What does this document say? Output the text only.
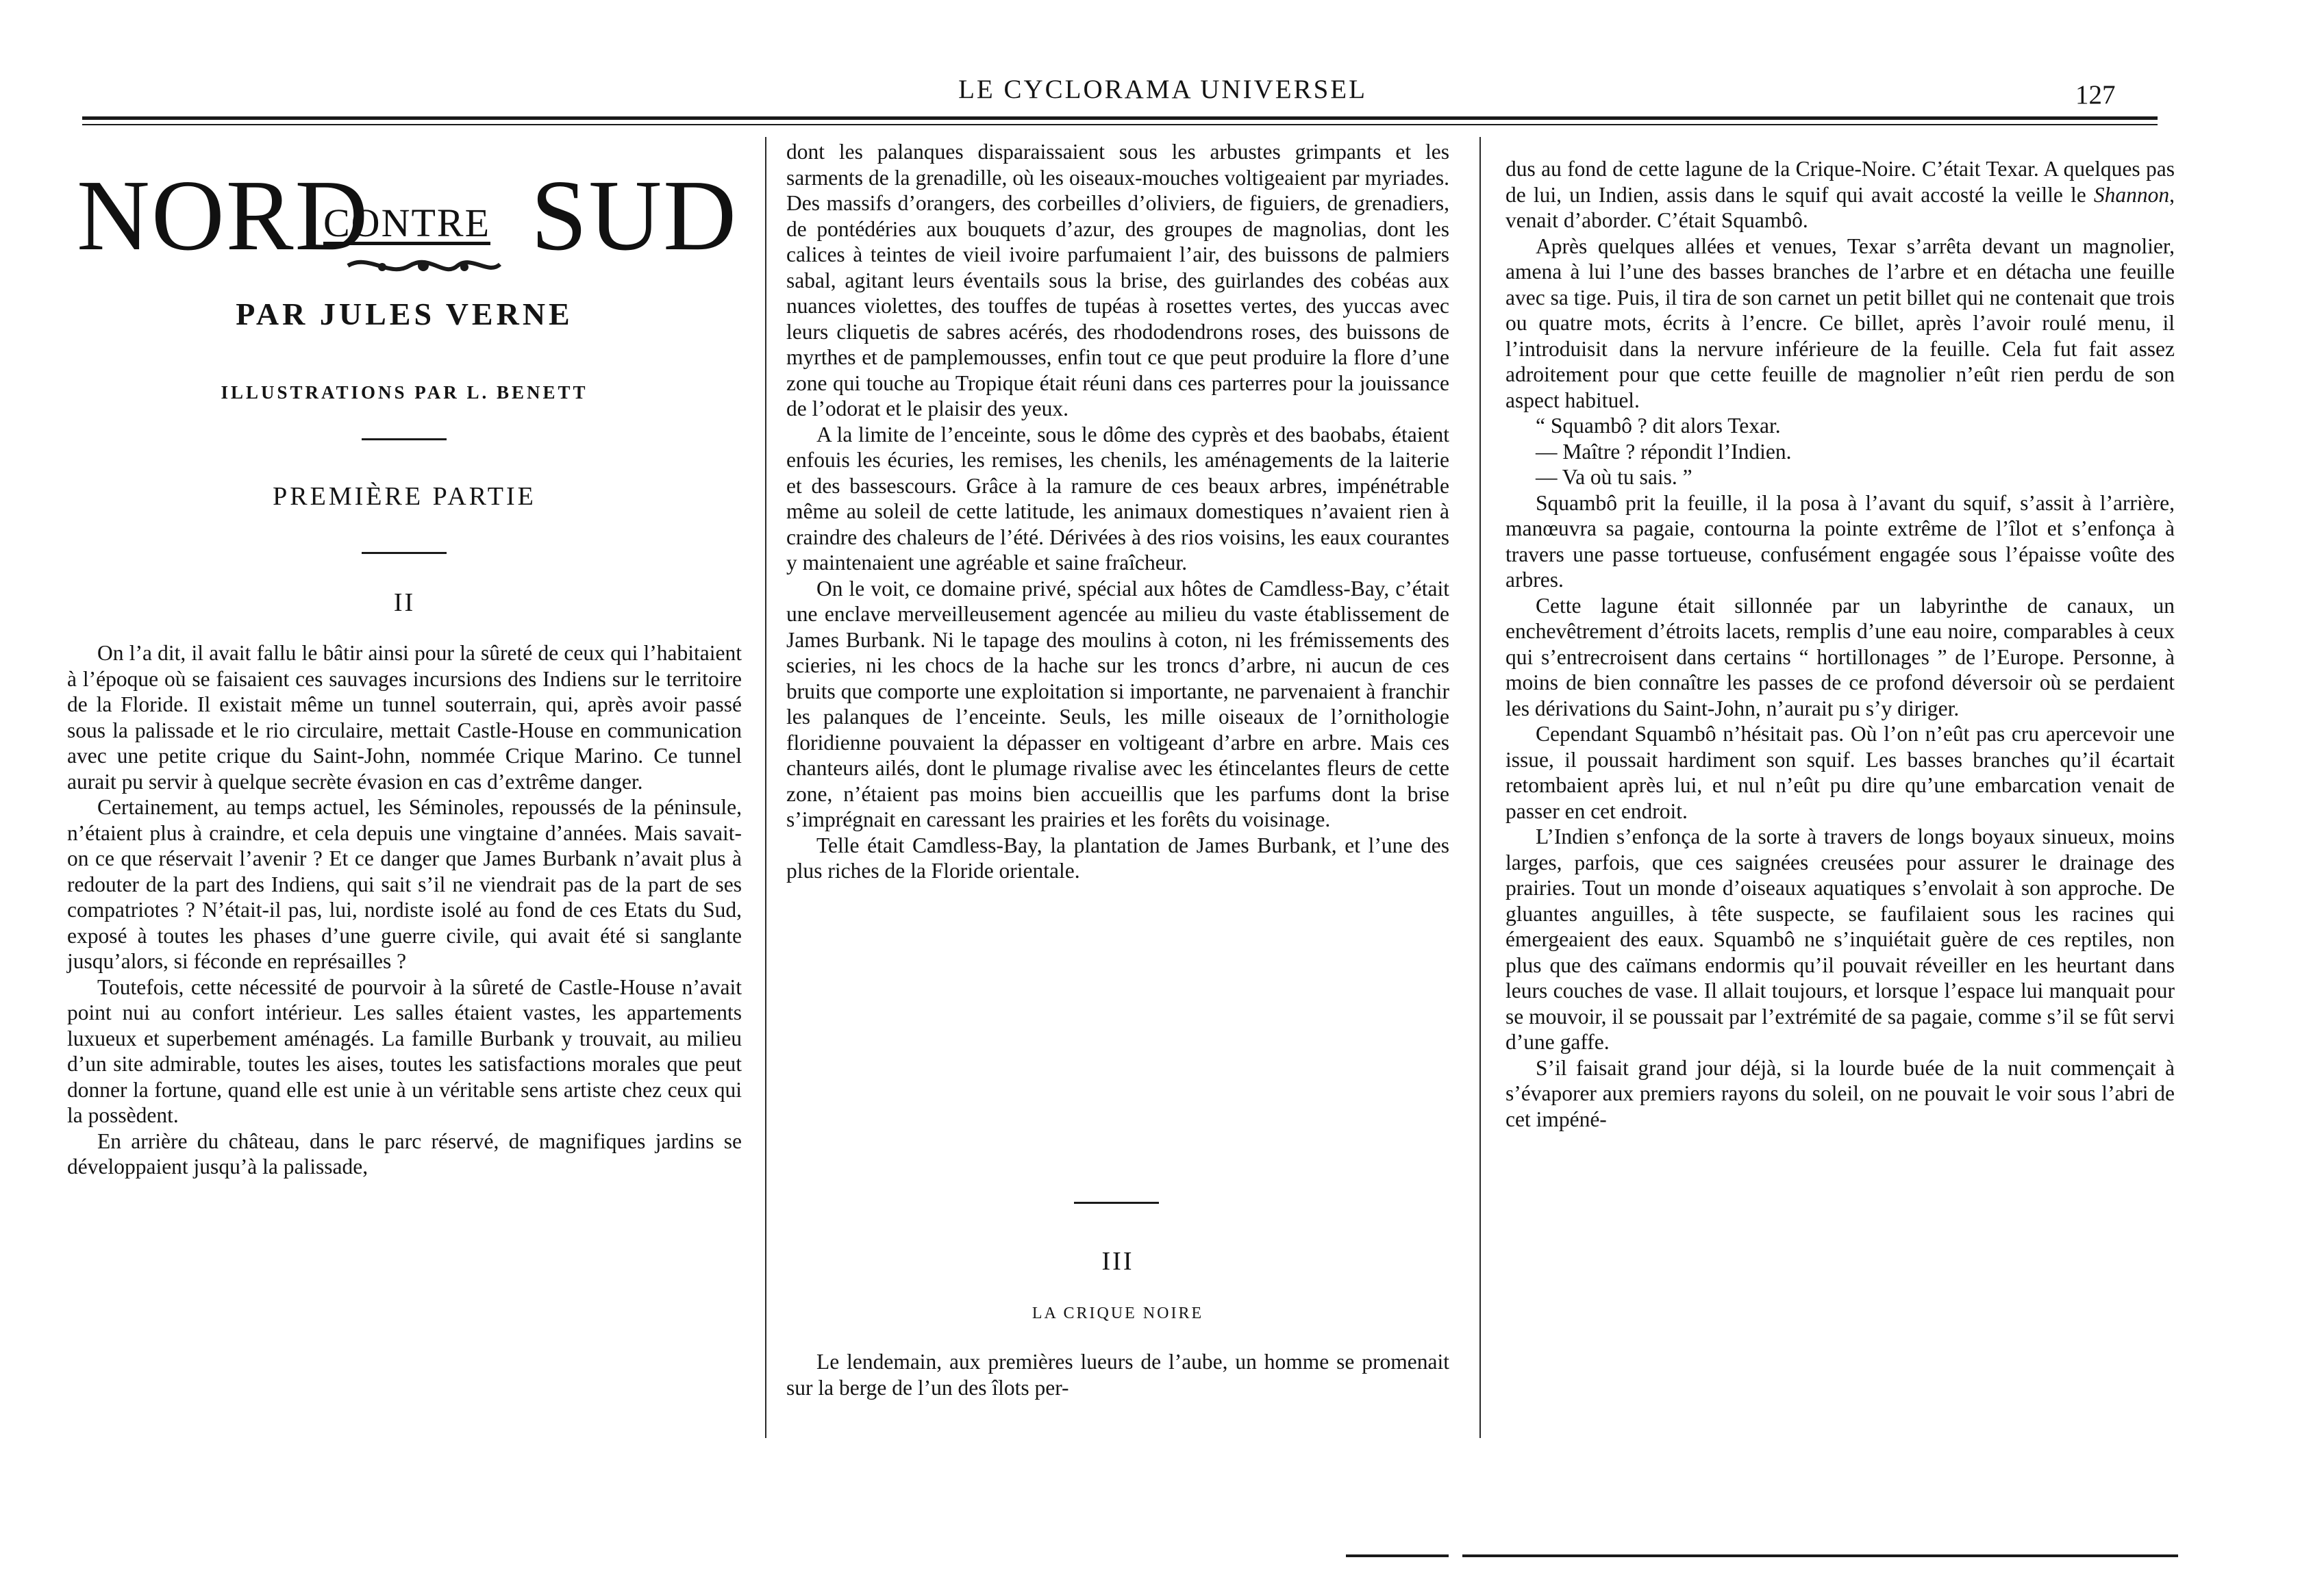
LE CYCLORAMA UNIVERSEL	127
NORD
CONTRE SUD
PAR JULES VERNE
ILLUSTRATIONS PAR L. BENETT
PREMIÈRE PARTIE
II

On l’a dit, il avait fallu le bâtir ainsi pour la sûreté de ceux qui l’habitaient à l’époque où se faisaient ces sauvages incursions des Indiens sur le territoire de la Floride. Il existait même un tunnel souterrain, qui, après avoir passé sous la palissade et le rio circulaire, mettait Castle-House en communication avec une petite crique du Saint-John, nommée Crique Marino. Ce tunnel aurait pu servir à quelque secrète évasion en cas d’extrême danger.

Certainement, au temps actuel, les Séminoles, repoussés de la péninsule, n’étaient plus à craindre, et cela depuis une vingtaine d’années. Mais savait-on ce que réservait l’avenir ? Et ce danger que James Burbank n’avait plus à redouter de la part des Indiens, qui sait s’il ne viendrait pas de la part de ses compatriotes ? N’était-il pas, lui, nordiste isolé au fond de ces Etats du Sud, exposé à toutes les phases d’une guerre civile, qui avait été si sanglante jusqu’alors, si féconde en représailles ?

Toutefois, cette nécessité de pourvoir à la sûreté de Castle-House n’avait point nui au confort intérieur. Les salles étaient vastes, les appartements luxueux et superbement aménagés. La famille Burbank y trouvait, au milieu d’un site admirable, toutes les aises, toutes les satisfactions morales que peut donner la fortune, quand elle est unie à un véritable sens artiste chez ceux qui la possèdent.

En arrière du château, dans le parc réservé, de magnifiques jardins se développaient jusqu’à la palissade,

dont les palanques disparaissaient sous les arbustes grimpants et les sarments de la grenadille, où les oiseaux-mouches voltigeaient par myriades. Des massifs d’orangers, des corbeilles d’oliviers, de figuiers, de grenadiers, de pontédéries aux bouquets d’azur, des groupes de magnolias, dont les calices à teintes de vieil ivoire parfumaient l’air, des buissons de palmiers sabal, agitant leurs éventails sous la brise, des guirlandes des cobéas aux nuances violettes, des touffes de tupéas à rosettes vertes, des yuccas avec leurs cliquetis de sabres acérés, des rhododendrons roses, des buissons de myrthes et de pamplemousses, enfin tout ce que peut produire la flore d’une zone qui touche au Tropique était réuni dans ces parterres pour la jouissance de l’odorat et le plaisir des yeux.

A la limite de l’enceinte, sous le dôme des cyprès et des baobabs, étaient enfouis les écuries, les remises, les chenils, les aménagements de la laiterie et des bassescours. Grâce à la ramure de ces beaux arbres, impénétrable même au soleil de cette latitude, les animaux domestiques n’avaient rien à craindre des chaleurs de l’été. Dérivées à des rios voisins, les eaux courantes y maintenaient une agréable et saine fraîcheur.

On le voit, ce domaine privé, spécial aux hôtes de Camdless-Bay, c’était une enclave merveilleusement agencée au milieu du vaste établissement de James Burbank. Ni le tapage des moulins à coton, ni les frémissements des scieries, ni les chocs de la hache sur les troncs d’arbre, ni aucun de ces bruits que comporte une exploitation si importante, ne parvenaient à franchir les palanques de l’enceinte. Seuls, les mille oiseaux de l’ornithologie floridienne pouvaient la dépasser en voltigeant d’arbre en arbre. Mais ces chanteurs ailés, dont le plumage rivalise avec les étincelantes fleurs de cette zone, n’étaient pas moins bien accueillis que les parfums dont la brise s’imprégnait en caressant les prairies et les forêts du voisinage.

Telle était Camdless-Bay, la plantation de James Burbank, et l’une des plus riches de la Floride orientale.

III
LA CRIQUE NOIRE

Le lendemain, aux premières lueurs de l’aube, un homme se promenait sur la berge de l’un des îlots per-

dus au fond de cette lagune de la Crique-Noire. C’était Texar. A quelques pas de lui, un Indien, assis dans le squif qui avait accosté la veille le Shannon, venait d’aborder. C’était Squambô.

Après quelques allées et venues, Texar s’arrêta devant un magnolier, amena à lui l’une des basses branches de l’arbre et en détacha une feuille avec sa tige. Puis, il tira de son carnet un petit billet qui ne contenait que trois ou quatre mots, écrits à l’encre. Ce billet, après l’avoir roulé menu, il l’introduisit dans la nervure inférieure de la feuille. Cela fut fait assez adroitement pour que cette feuille de magnolier n’eût rien perdu de son aspect habituel.

“ Squambô ? dit alors Texar.

— Maître ? répondit l’Indien.

— Va où tu sais. ”

Squambô prit la feuille, il la posa à l’avant du squif, s’assit à l’arrière, manœuvra sa pagaie, contourna la pointe extrême de l’îlot et s’enfonça à travers une passe tortueuse, confusément engagée sous l’épaisse voûte des arbres.

Cette lagune était sillonnée par un labyrinthe de canaux, un enchevêtrement d’étroits lacets, remplis d’une eau noire, comparables à ceux qui s’entrecroisent dans certains “ hortillonages ” de l’Europe. Personne, à moins de bien connaître les passes de ce profond déversoir où se perdaient les dérivations du Saint-John, n’aurait pu s’y diriger.

Cependant Squambô n’hésitait pas. Où l’on n’eût pas cru apercevoir une issue, il poussait hardiment son squif. Les basses branches qu’il écartait retombaient après lui, et nul n’eût pu dire qu’une embarcation venait de passer en cet endroit.

L’Indien s’enfonça de la sorte à travers de longs boyaux sinueux, moins larges, parfois, que ces saignées creusées pour assurer le drainage des prairies. Tout un monde d’oiseaux aquatiques s’envolait à son approche. De gluantes anguilles, à tête suspecte, se faufilaient sous les racines qui émergeaient des eaux. Squambô ne s’inquiétait guère de ces reptiles, non plus que des caïmans endormis qu’il pouvait réveiller en les heurtant dans leurs couches de vase. Il allait toujours, et lorsque l’espace lui manquait pour se mouvoir, il se poussait par l’extrémité de sa pagaie, comme s’il se fût servi d’une gaffe.

S’il faisait grand jour déjà, si la lourde buée de la nuit commençait à s’évaporer aux premiers rayons du soleil, on ne pouvait le voir sous l’abri de cet impéné-
